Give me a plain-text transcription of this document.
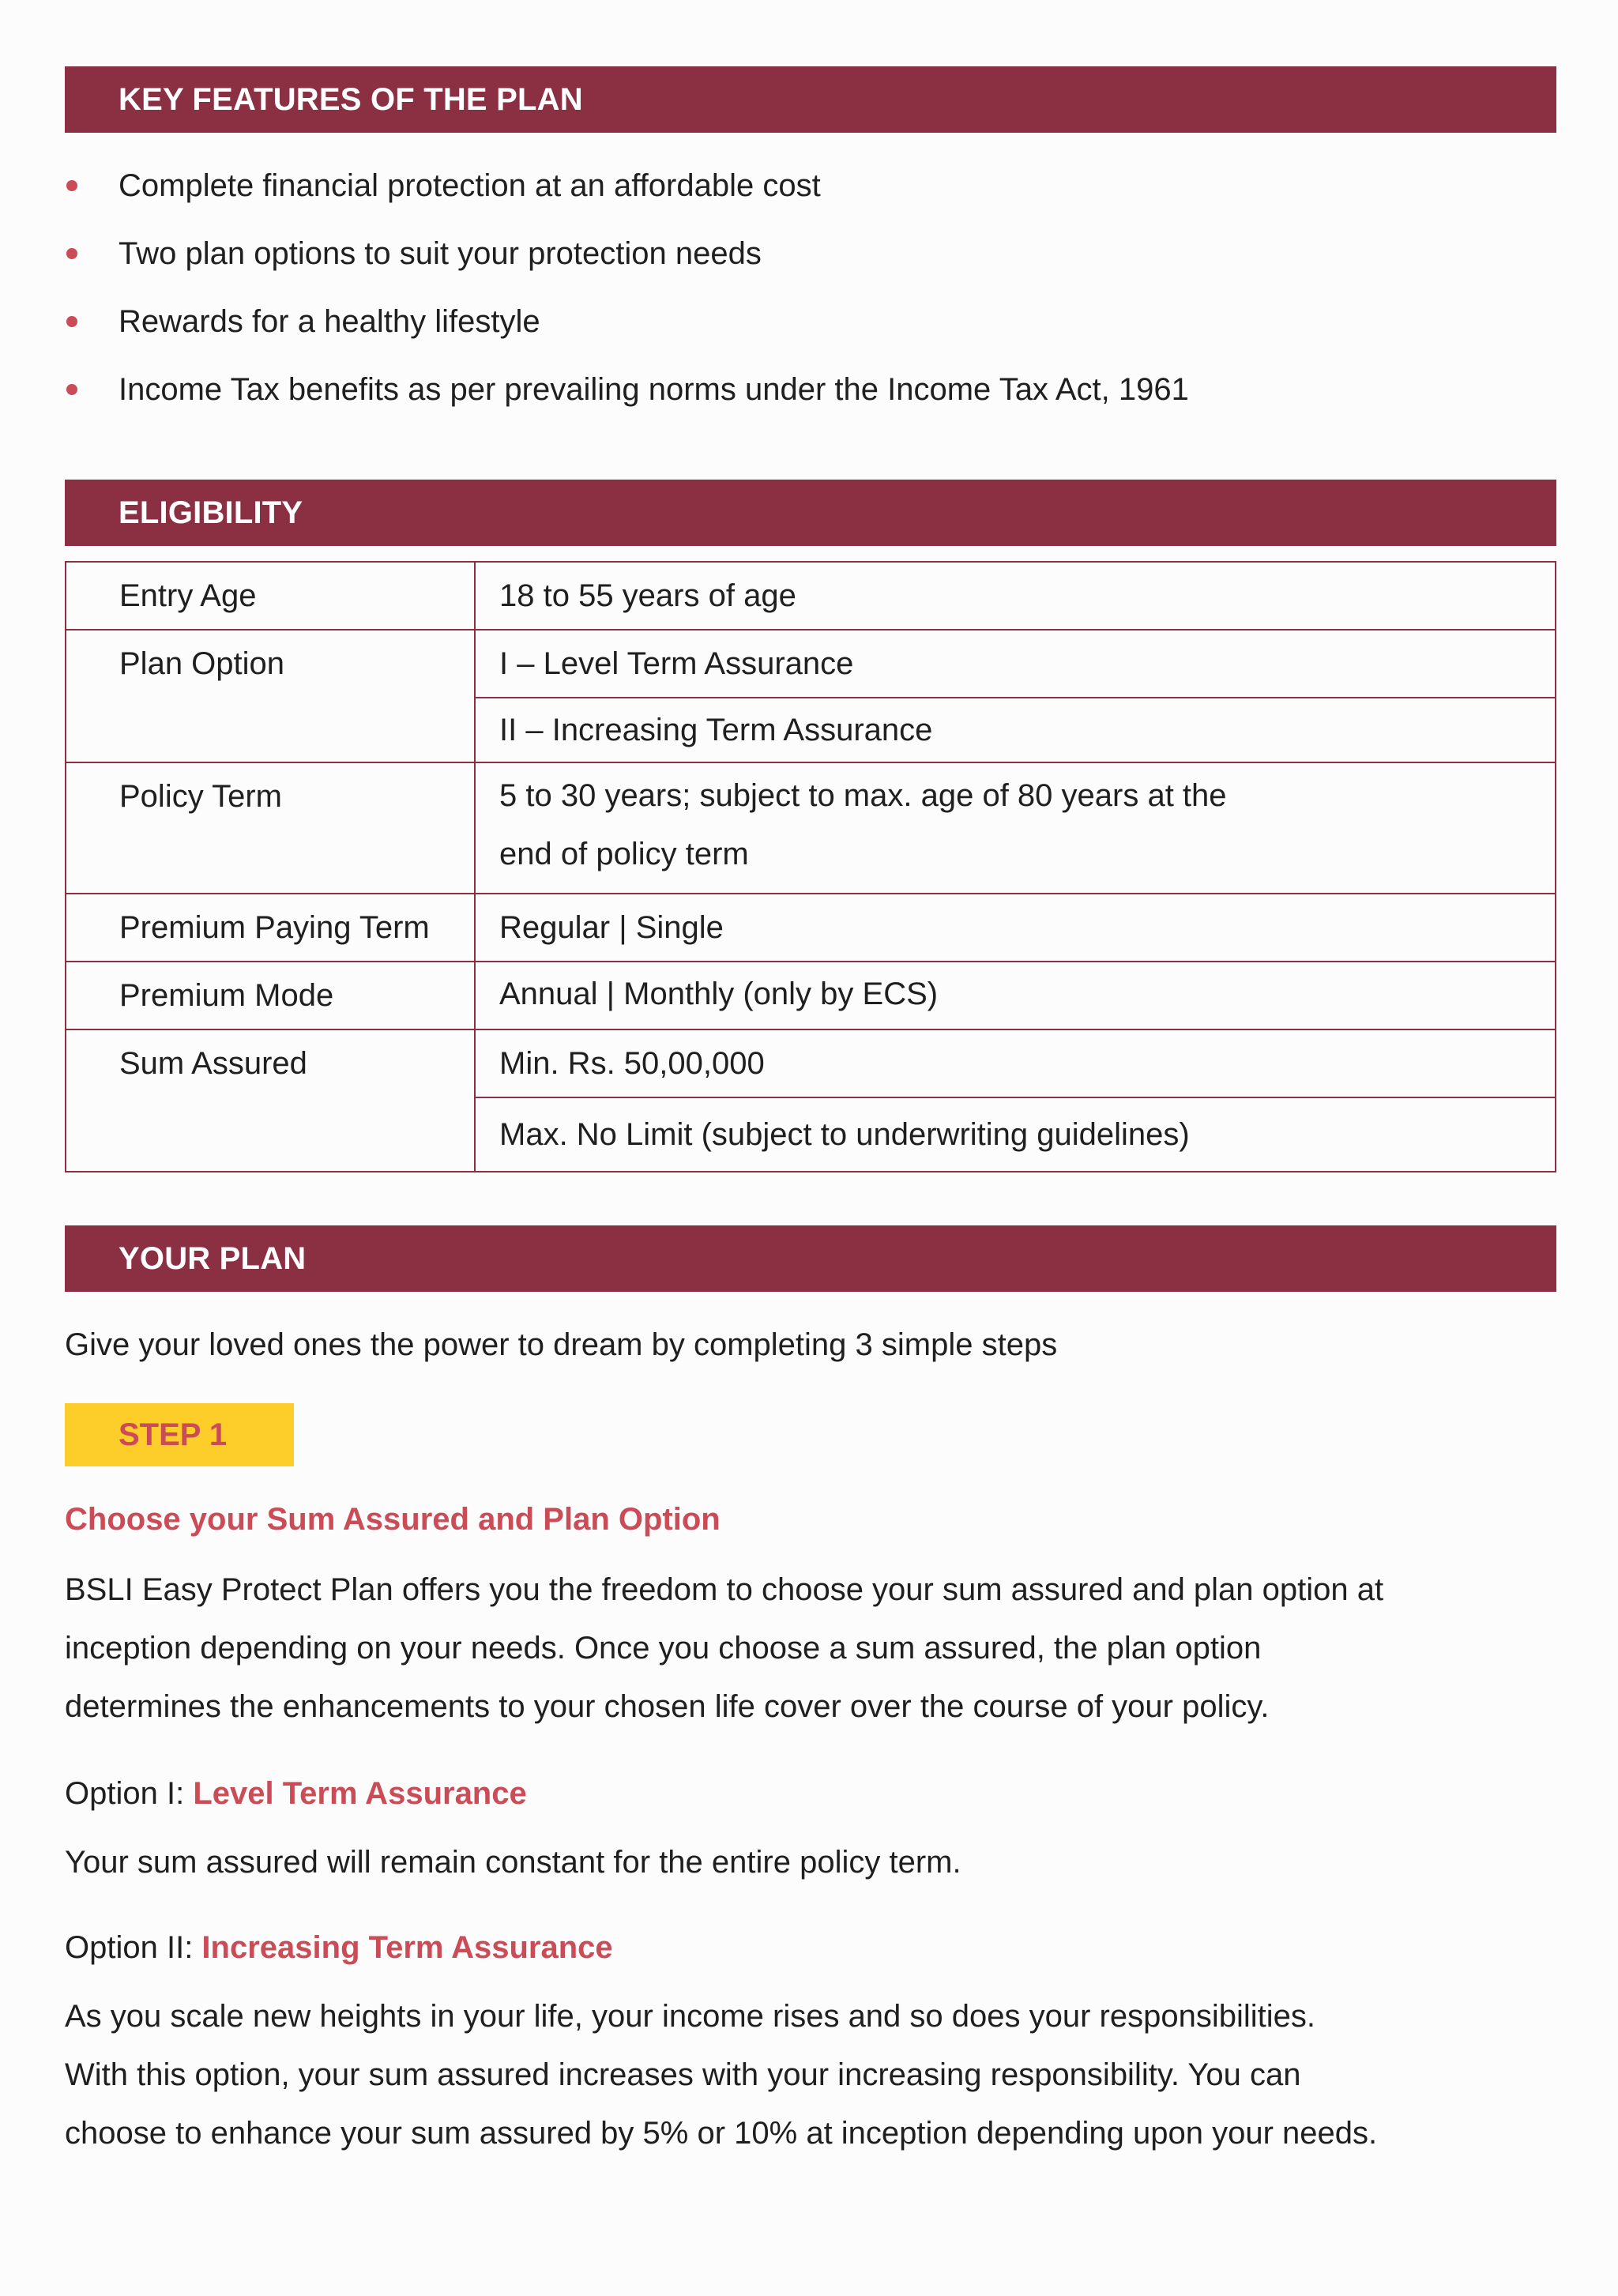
KEY FEATURES OF THE PLAN
Complete financial protection at an affordable cost
Two plan options to suit your protection needs
Rewards for a healthy lifestyle
Income Tax benefits as per prevailing norms under the Income Tax Act, 1961
ELIGIBILITY
Entry Age	18 to 55 years of age
Plan Option	I – Level Term Assurance
	II – Increasing Term Assurance
Policy Term	5 to 30 years; subject to max. age of 80 years at the
end of policy term

Premium Paying Term	Regular | Single
Premium Mode	Annual | Monthly (only by ECS)
Sum Assured	Min. Rs. 50,00,000
	Max. No Limit (subject to underwriting guidelines)
YOUR PLAN
Give your loved ones the power to dream by completing 3 simple steps
STEP 1
Choose your Sum Assured and Plan Option
BSLI Easy Protect Plan offers you the freedom to choose your sum assured and plan option at
inception depending on your needs. Once you choose a sum assured, the plan option
determines the enhancements to your chosen life cover over the course of your policy.
Option I: Level Term Assurance
Your sum assured will remain constant for the entire policy term.
Option II: Increasing Term Assurance
As you scale new heights in your life, your income rises and so does your responsibilities.
With this option, your sum assured increases with your increasing responsibility. You can
choose to enhance your sum assured by 5% or 10% at inception depending upon your needs.
